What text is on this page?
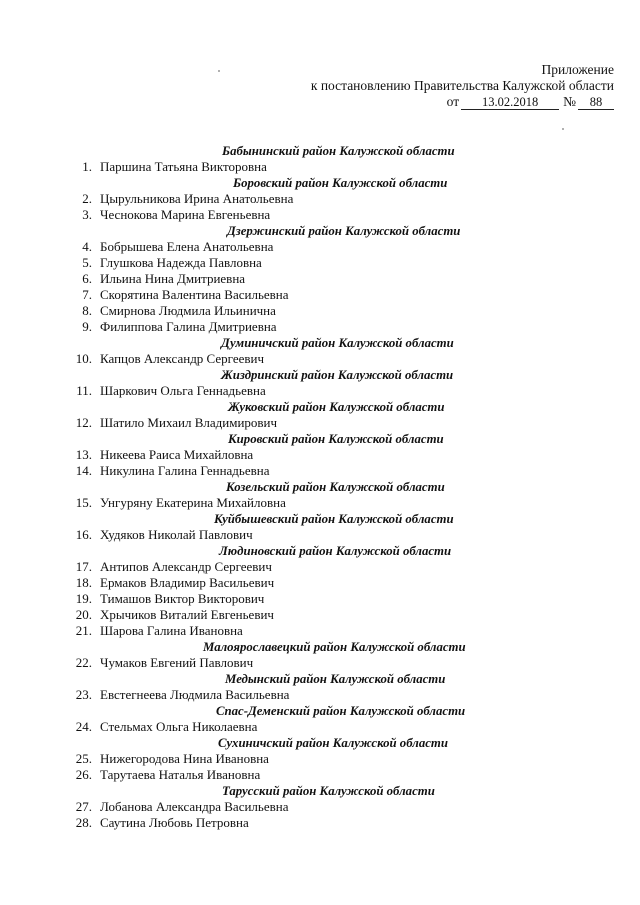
Приложение
к постановлению Правительства Калужской области
от	13.02.2018	№	88
Бабынинский район Калужской области
1. Паршина Татьяна Викторовна
Боровский район Калужской области
2. Цырульникова Ирина Анатольевна
3. Чеснокова Марина Евгеньевна
Дзержинский район Калужской области
4. Бобрышева Елена Анатольевна
5. Глушкова Надежда Павловна
6. Ильина Нина Дмитриевна
7. Скорятина Валентина Васильевна
8. Смирнова Людмила Ильинична
9. Филиппова Галина Дмитриевна
Думиничский район Калужской области
10. Капцов Александр Сергеевич
Жиздринский район Калужской области
11. Шаркович Ольга Геннадьевна
Жуковский район Калужской области
12. Шатило Михаил Владимирович
Кировский район Калужской области
13. Никеева Раиса Михайловна
14. Никулина Галина Геннадьевна
Козельский район Калужской области
15. Унгуряну Екатерина Михайловна
Куйбышевский район Калужской области
16. Худяков Николай Павлович
Людиновский район Калужской области
17. Антипов Александр Сергеевич
18. Ермаков Владимир Васильевич
19. Тимашов Виктор Викторович
20. Хрычиков Виталий Евгеньевич
21. Шарова Галина Ивановна
Малоярославецкий район Калужской области
22. Чумаков Евгений Павлович
Медынский район Калужской области
23. Евстегнеева Людмила Васильевна
Спас-Деменский район Калужской области
24. Стельмах Ольга Николаевна
Сухиничский район Калужской области
25. Нижегородова Нина Ивановна
26. Тарутаева Наталья Ивановна
Тарусский район Калужской области
27. Лобанова Александра Васильевна
28. Саутина Любовь Петровна
